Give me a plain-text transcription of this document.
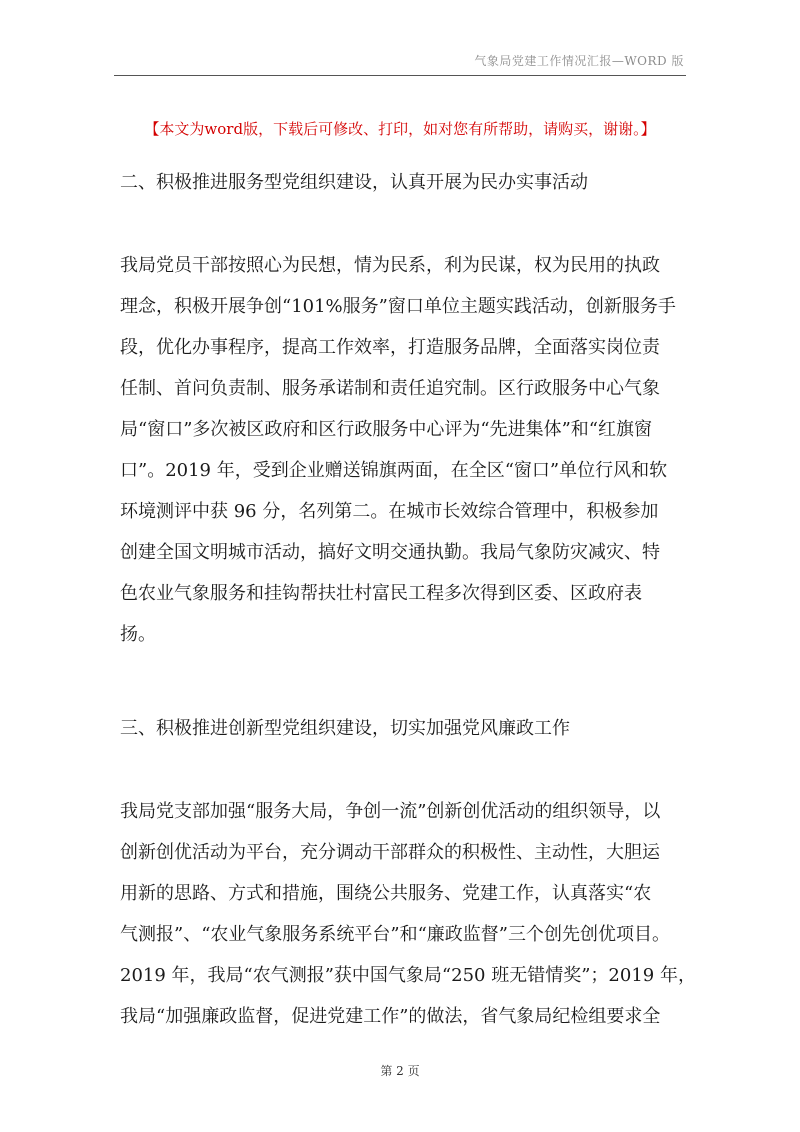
气象局党建工作情况汇报—WORD 版
【本文为word版，下载后可修改、打印，如对您有所帮助，请购买，谢谢。】
二、积极推进服务型党组织建设，认真开展为民办实事活动
我局党员干部按照心为民想，情为民系，利为民谋，权为民用的执政
理念，积极开展争创“101%服务”窗口单位主题实践活动，创新服务手
段，优化办事程序，提高工作效率，打造服务品牌，全面落实岗位责
任制、首问负责制、服务承诺制和责任追究制。区行政服务中心气象
局“窗口”多次被区政府和区行政服务中心评为“先进集体”和“红旗窗
口”。2019 年，受到企业赠送锦旗两面，在全区“窗口”单位行风和软
环境测评中获 96 分，名列第二。在城市长效综合管理中，积极参加
创建全国文明城市活动，搞好文明交通执勤。我局气象防灾减灾、特
色农业气象服务和挂钩帮扶壮村富民工程多次得到区委、区政府表
扬。
三、积极推进创新型党组织建设，切实加强党风廉政工作
我局党支部加强“服务大局，争创一流”创新创优活动的组织领导，以
创新创优活动为平台，充分调动干部群众的积极性、主动性，大胆运
用新的思路、方式和措施，围绕公共服务、党建工作，认真落实“农
气测报”、“农业气象服务系统平台”和“廉政监督”三个创先创优项目。
2019 年，我局“农气测报”获中国气象局“250 班无错情奖”；2019 年，
我局“加强廉政监督，促进党建工作”的做法，省气象局纪检组要求全
第 2 页
